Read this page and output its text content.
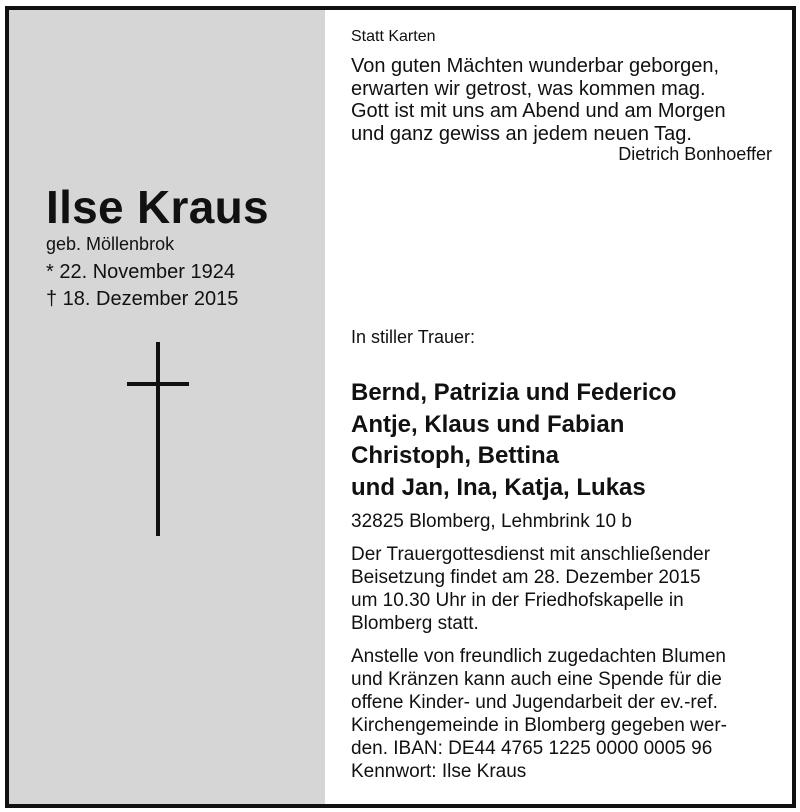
Ilse Kraus
geb. Möllenbrok
* 22. November 1924
† 18. Dezember 2015
Statt Karten
Von guten Mächten wunderbar geborgen,
erwarten wir getrost, was kommen mag.
Gott ist mit uns am Abend und am Morgen
und ganz gewiss an jedem neuen Tag.
Dietrich Bonhoeffer
In stiller Trauer:
Bernd, Patrizia und Federico
Antje, Klaus und Fabian
Christoph, Bettina
und Jan, Ina, Katja, Lukas
32825 Blomberg, Lehmbrink 10 b
Der Trauergottesdienst mit anschließender
Beisetzung findet am 28. Dezember 2015
um 10.30 Uhr in der Friedhofskapelle in
Blomberg statt.
Anstelle von freundlich zugedachten Blumen
und Kränzen kann auch eine Spende für die
offene Kinder- und Jugendarbeit der ev.-ref.
Kirchengemeinde in Blomberg gegeben wer-
den. IBAN: DE44 4765 1225 0000 0005 96
Kennwort: Ilse Kraus
